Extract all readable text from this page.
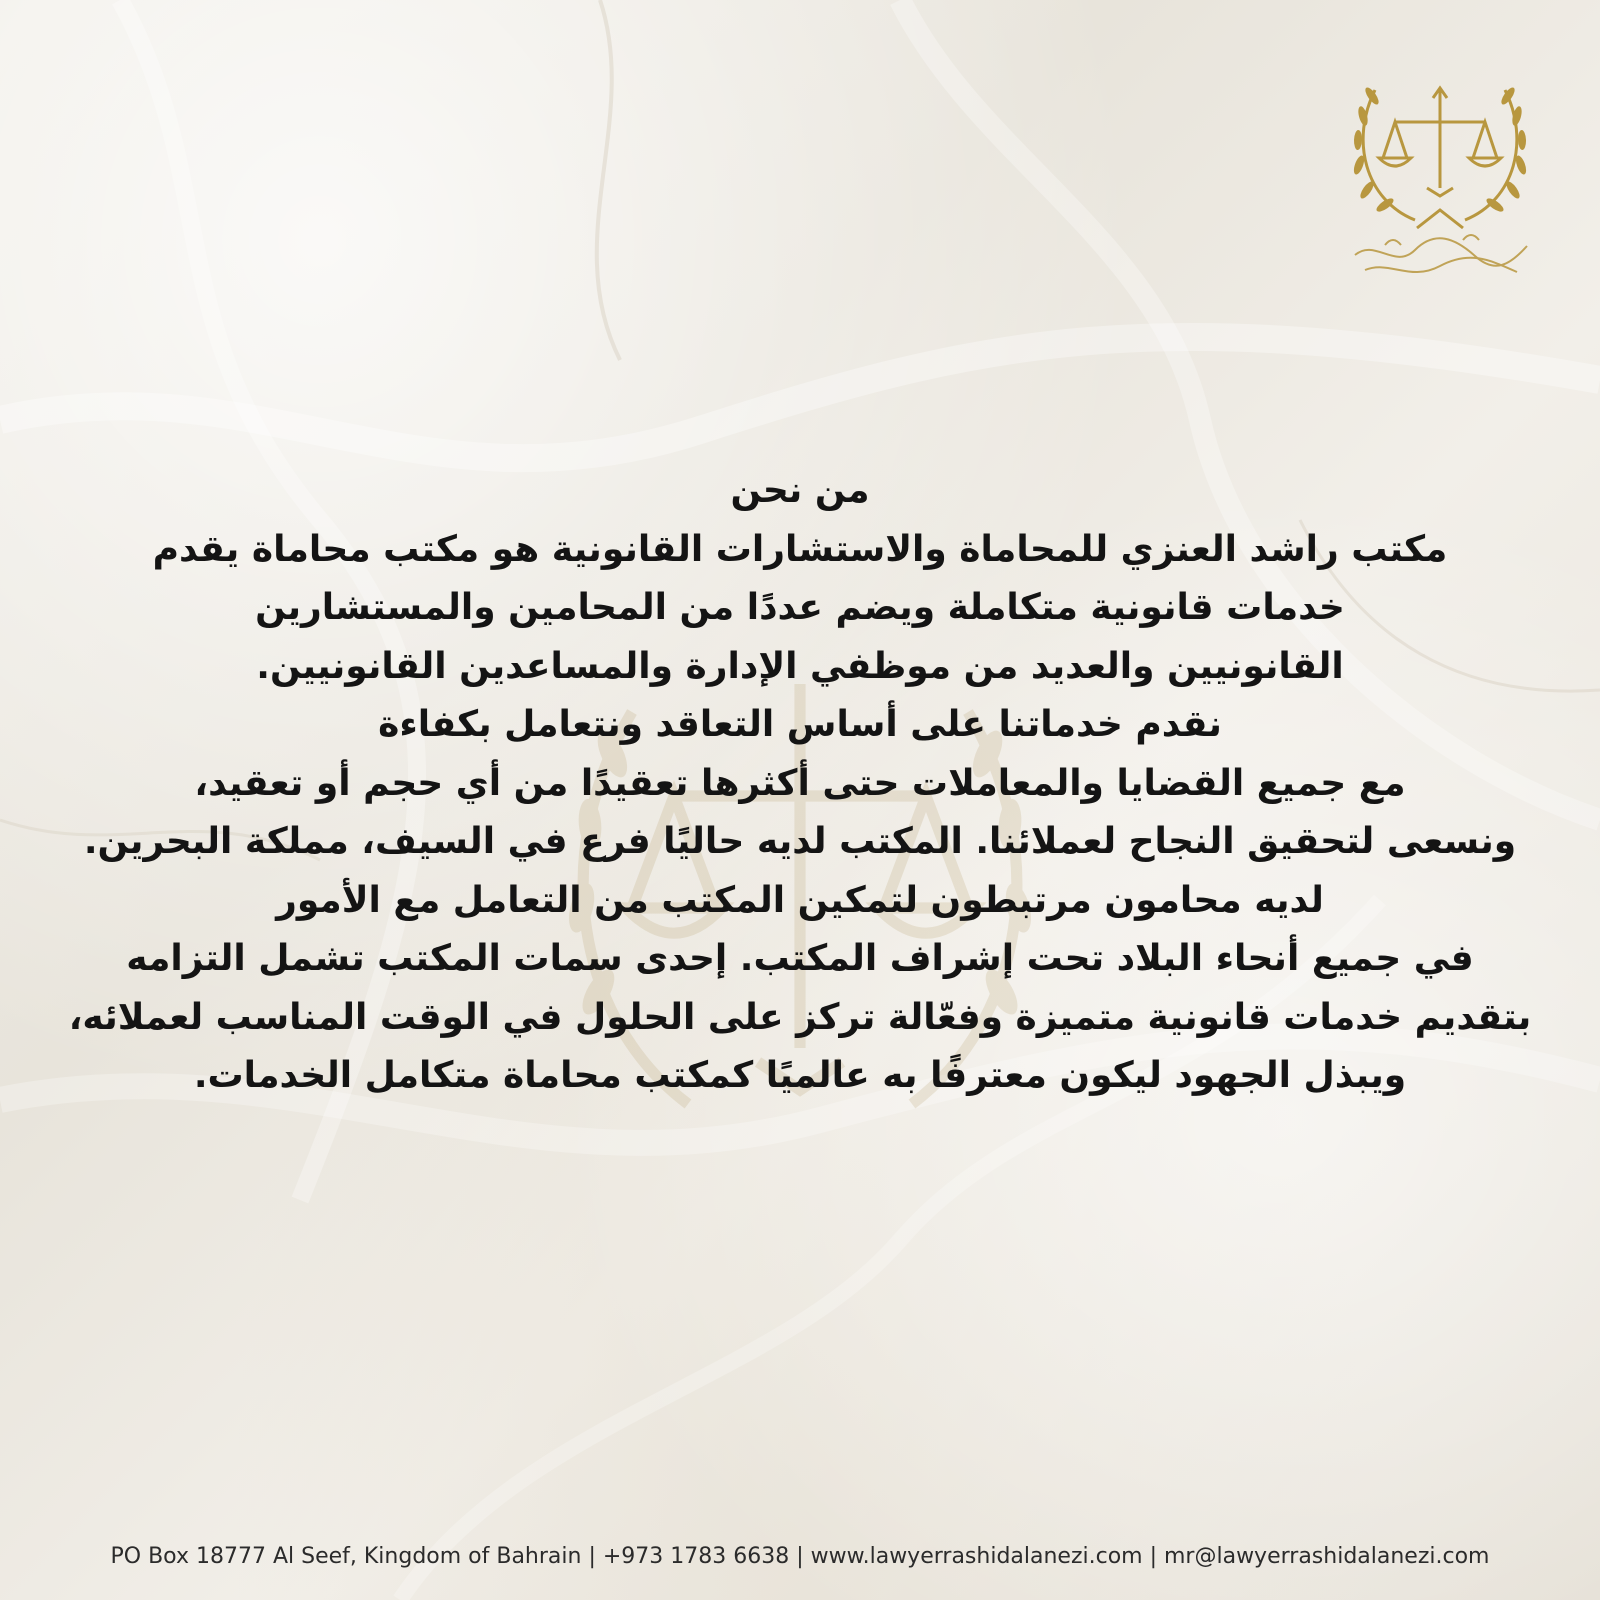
من نحن
مكتب راشد العنزي للمحاماة والاستشارات القانونية هو مكتب محاماة يقدم
خدمات قانونية متكاملة ويضم عددًا من المحامين والمستشارين
القانونيين والعديد من موظفي الإدارة والمساعدين القانونيين.
نقدم خدماتنا على أساس التعاقد ونتعامل بكفاءة
مع جميع القضايا والمعاملات حتى أكثرها تعقيدًا من أي حجم أو تعقيد،
ونسعى لتحقيق النجاح لعملائنا. المكتب لديه حاليًا فرع في السيف، مملكة البحرين.
لديه محامون مرتبطون لتمكين المكتب من التعامل مع الأمور
في جميع أنحاء البلاد تحت إشراف المكتب. إحدى سمات المكتب تشمل التزامه
بتقديم خدمات قانونية متميزة وفعّالة تركز على الحلول في الوقت المناسب لعملائه،
ويبذل الجهود ليكون معترفًا به عالميًا كمكتب محاماة متكامل الخدمات.
PO Box 18777 Al Seef, Kingdom of Bahrain | +973 1783 6638 | www.lawyerrashidalanezi.com | mr@lawyerrashidalanezi.com
